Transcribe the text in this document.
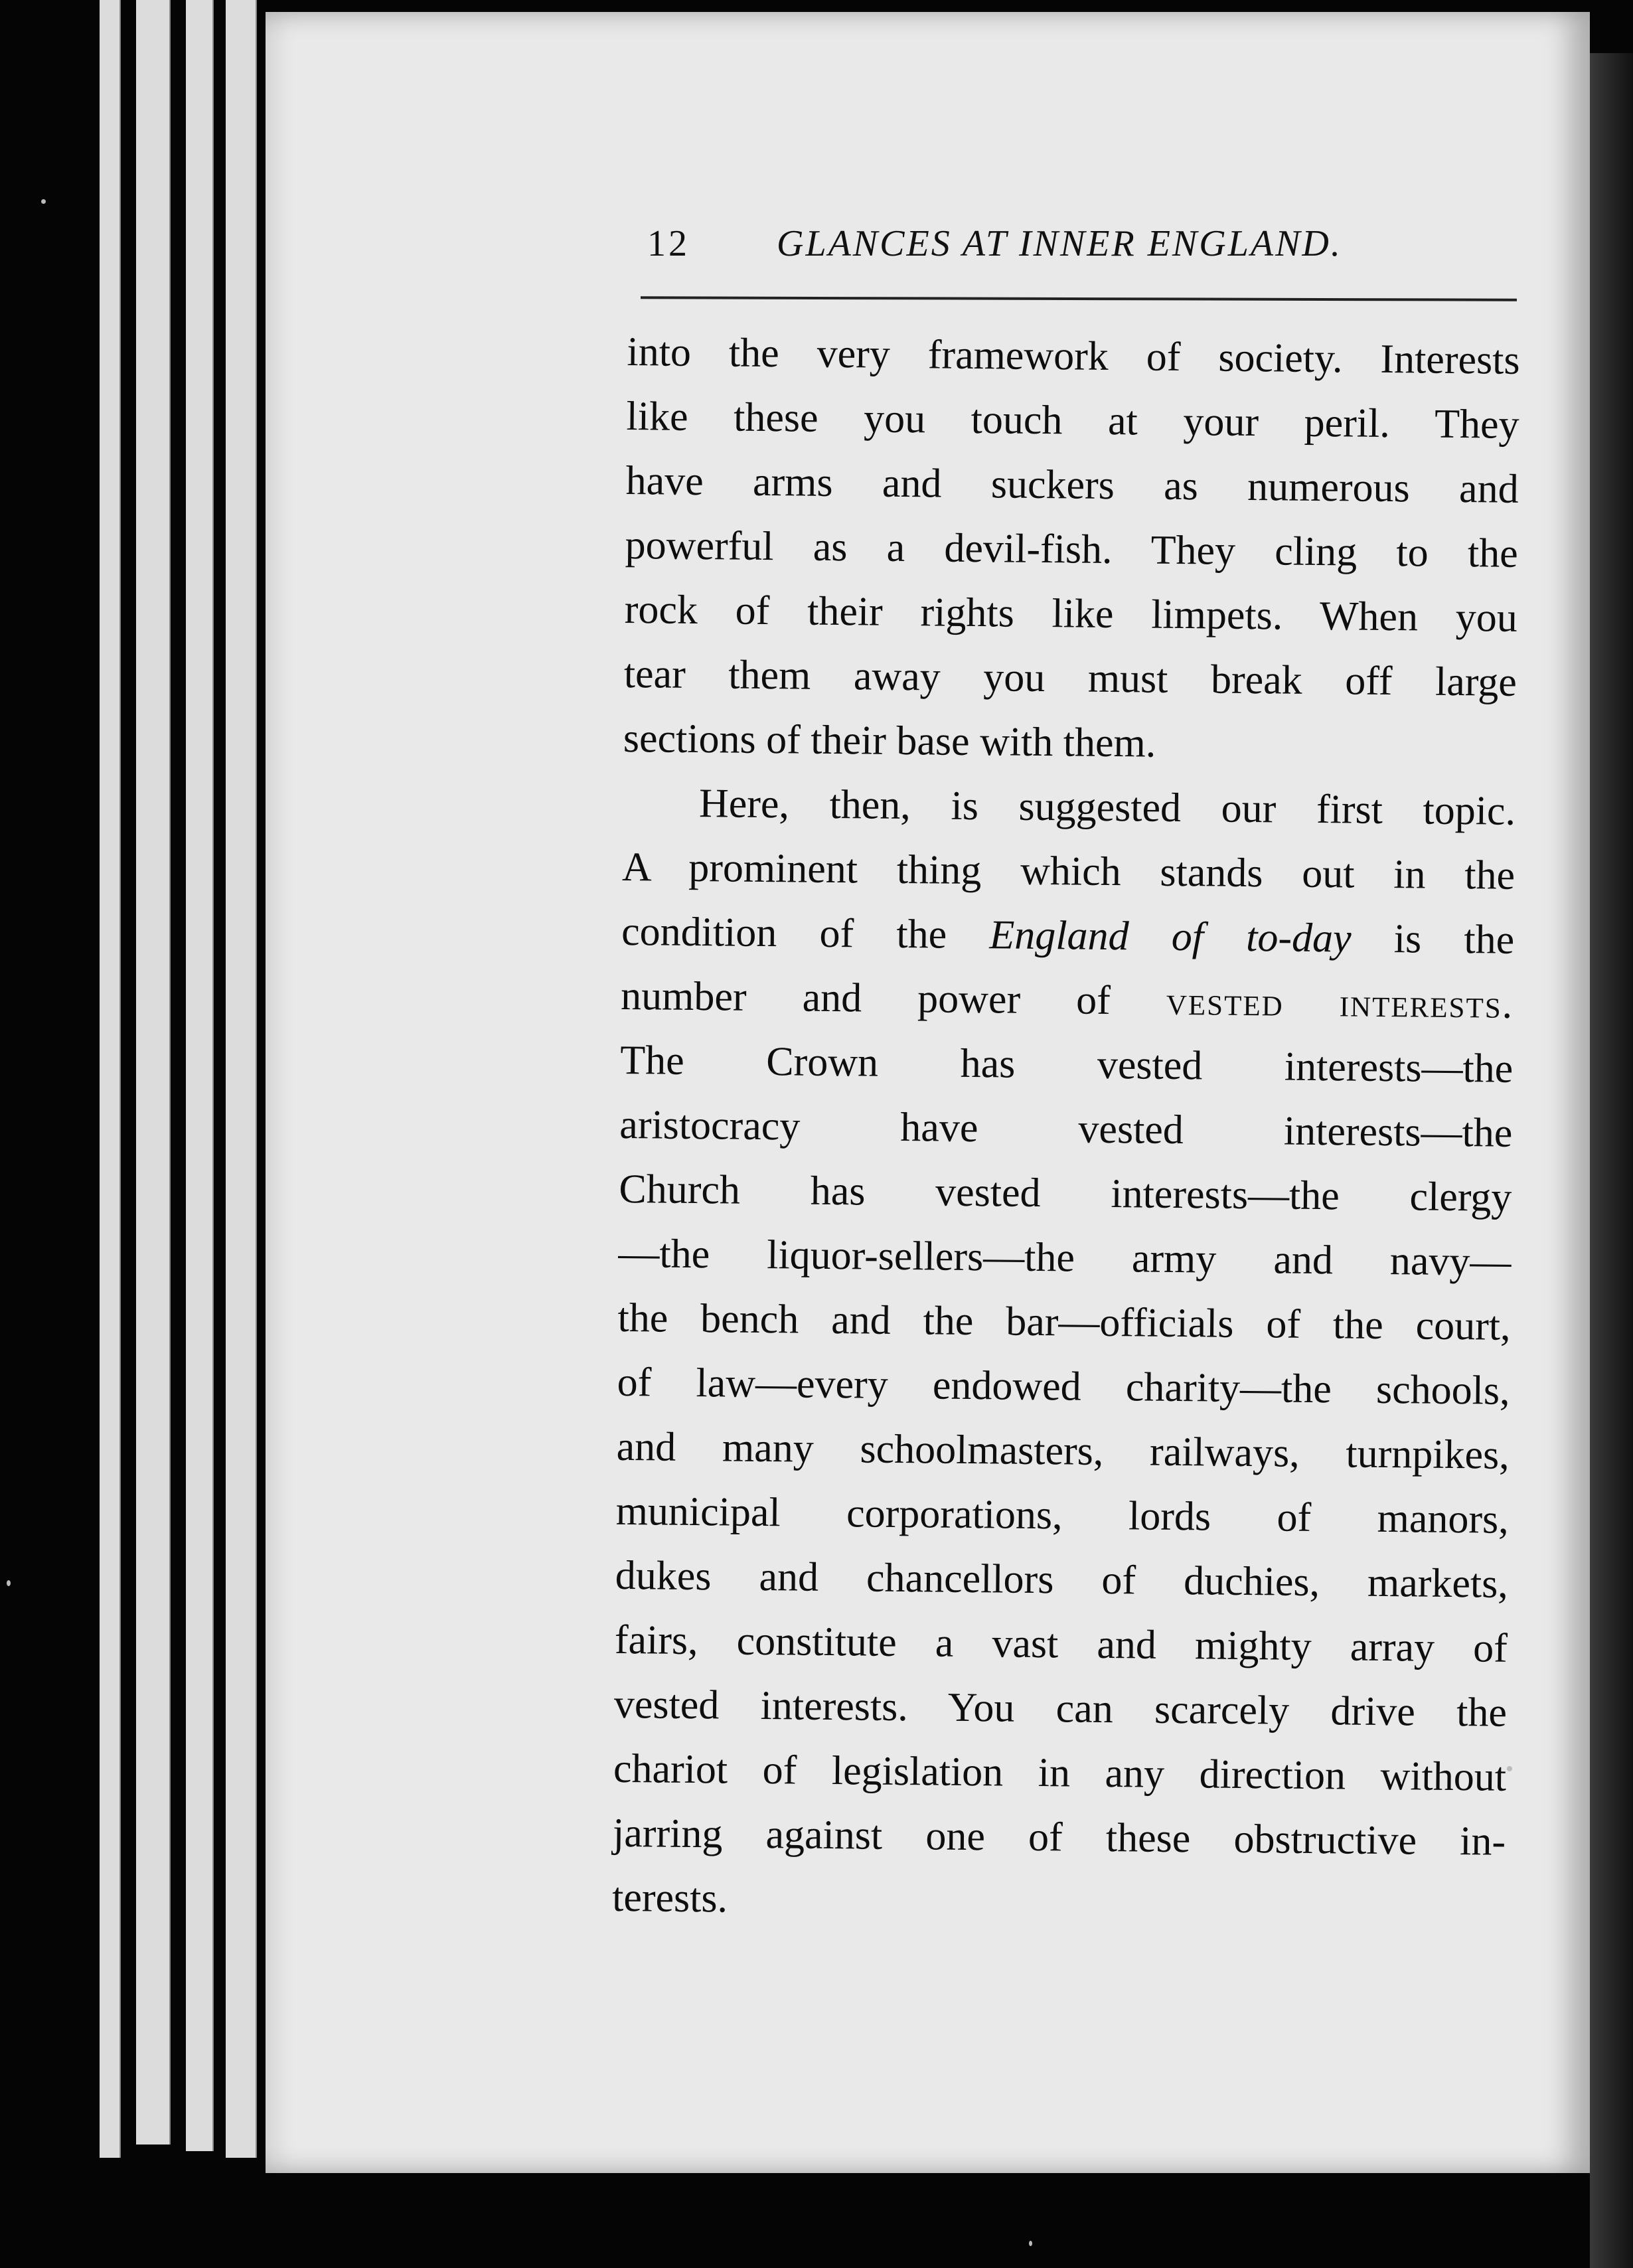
12 GLANCES AT INNER ENGLAND.
into the very framework of society. Interests
like these you touch at your peril. They
have arms and suckers as numerous and
powerful as a devil-fish. They cling to the
rock of their rights like limpets. When you
tear them away you must break off large
sections of their base with them.
Here, then, is suggested our first topic.
A prominent thing which stands out in the
condition of the England of to-day is the
number and power of vested interests.
The Crown has vested interests—the
aristocracy have vested interests—the
Church has vested interests—the clergy
—the liquor-sellers—the army and navy—
the bench and the bar—officials of the court,
of law—every endowed charity—the schools,
and many schoolmasters, railways, turnpikes,
municipal corporations, lords of manors,
dukes and chancellors of duchies, markets,
fairs, constitute a vast and mighty array of
vested interests. You can scarcely drive the
chariot of legislation in any direction without
jarring against one of these obstructive in-
terests.
